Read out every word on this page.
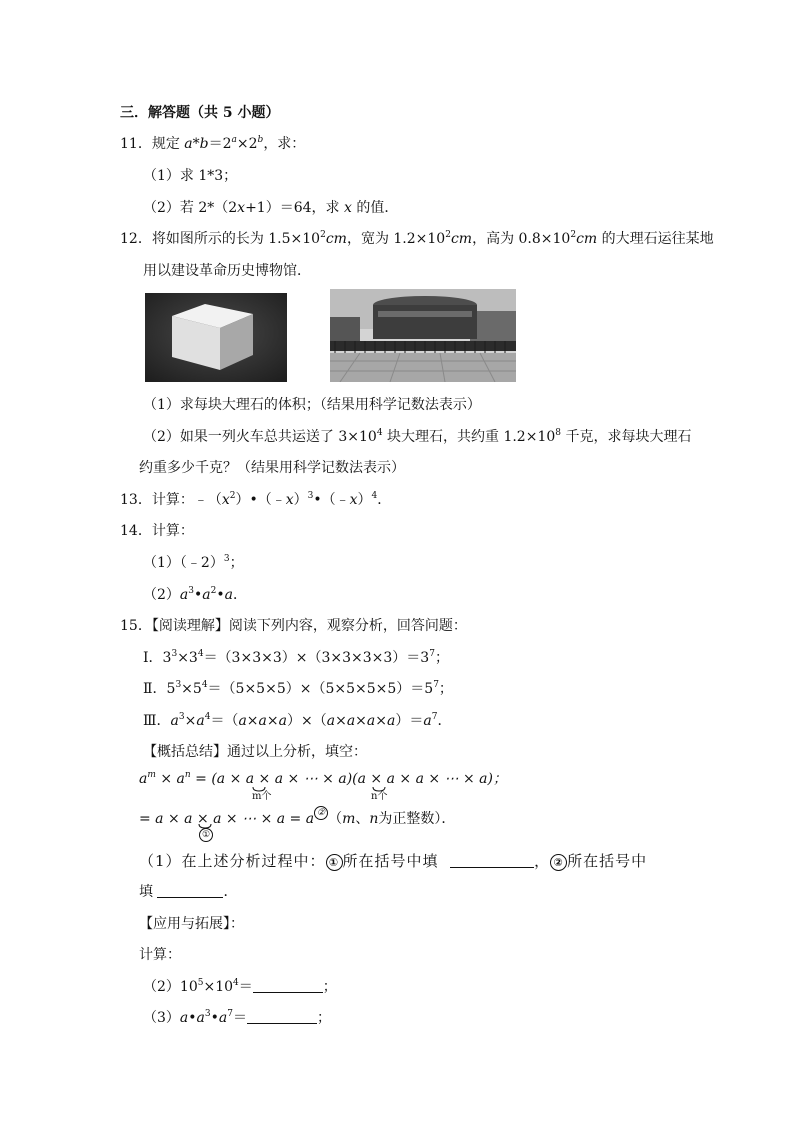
三．解答题（共 5 小题）
11．规定 $a*b=2^a\times 2^b$，求：
（1）求 1*3；
（2）若 2*（2x+1）＝64，求 x 的值．
12．将如图所示的长为 $1.5\times 10^2cm$，宽为 $1.2\times 10^2cm$，高为 $0.8\times 10^2cm$ 的大理石运往某地
用以建设革命历史博物馆．
（1）求每块大理石的体积；（结果用科学记数法表示）
（2）如果一列火车总共运送了 $3\times 10^4$ 块大理石，共约重 $1.2\times 10^8$ 千克，求每块大理石
约重多少千克？（结果用科学记数法表示）
13．计算：$﹣(x^2)•(﹣x)^3•(﹣x)^4$．
14．计算：
（1）（﹣2）$^3$；
$(2)a^3•a^2•a$．
15．【阅读理解】阅读下列内容，观察分析，回答问题：
Ⅰ．$3^3\times 3^4=(3\times 3\times 3)\times(3\times 3\times 3\times 3)=3^7$；
Ⅱ．$5^3\times 5^4=(5\times 5\times 5)\times(5\times 5\times 5\times 5)=5^7$；
Ⅲ．$a^3\times a^4=(a\times a\times a)\times(a\times a\times a\times a)=a^7$．
【概括总结】通过以上分析，填空：
$a^m \times a^n = (a \times a \times a$ × ⋯ × a)(a × a × a × ⋯ × a)；
m个	n个
= a × a × a × ⋯ × a = a ② （m、n为正整数）．
①
（1）在上述分析过程中： ① 所在括号中填	， ② 所在括号中
填	．
【应用与拓展】：
计算：
$(2)10^5\times 10^4=$	；
$(3)a•a^3•a^7=$	；
